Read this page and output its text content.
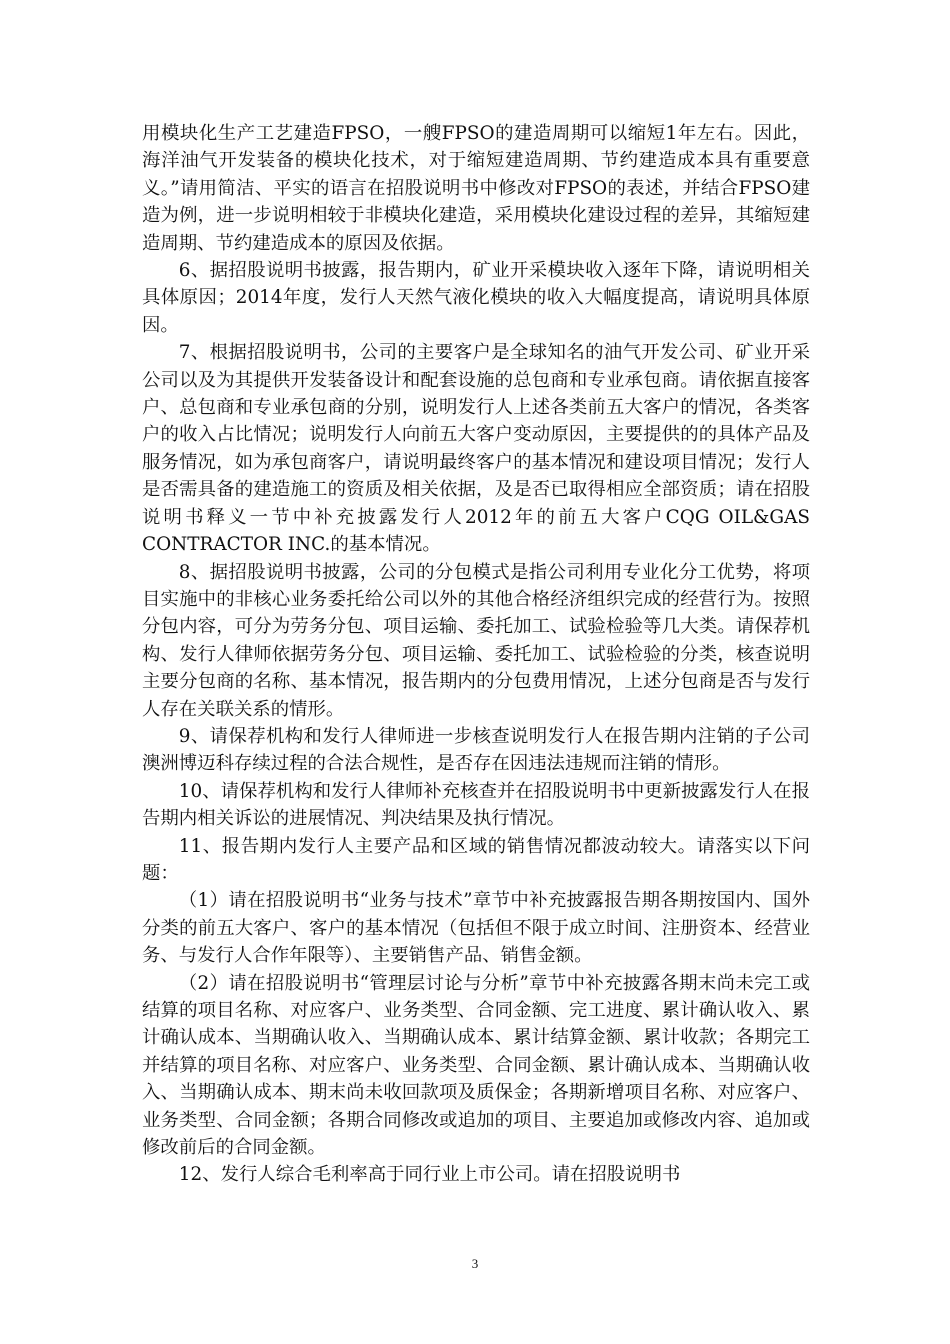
用模块化生产工艺建造FPSO，一艘FPSO的建造周期可以缩短1年左右。因此，海洋油气开发装备的模块化技术，对于缩短建造周期、节约建造成本具有重要意义。”请用简洁、平实的语言在招股说明书中修改对FPSO的表述，并结合FPSO建造为例，进一步说明相较于非模块化建造，采用模块化建设过程的差异，其缩短建造周期、节约建造成本的原因及依据。

6、据招股说明书披露，报告期内，矿业开采模块收入逐年下降，请说明相关具体原因；2014年度，发行人天然气液化模块的收入大幅度提高，请说明具体原因。

7、根据招股说明书，公司的主要客户是全球知名的油气开发公司、矿业开采公司以及为其提供开发装备设计和配套设施的总包商和专业承包商。请依据直接客户、总包商和专业承包商的分别，说明发行人上述各类前五大客户的情况，各类客户的收入占比情况；说明发行人向前五大客户变动原因，主要提供的的具体产品及服务情况，如为承包商客户，请说明最终客户的基本情况和建设项目情况；发行人是否需具备的建造施工的资质及相关依据，及是否已取得相应全部资质；请在招股说明书释义一节中补充披露发行人2012年的前五大客户CQG OIL&GAS CONTRACTOR INC.的基本情况。

8、据招股说明书披露，公司的分包模式是指公司利用专业化分工优势，将项目实施中的非核心业务委托给公司以外的其他合格经济组织完成的经营行为。按照分包内容，可分为劳务分包、项目运输、委托加工、试验检验等几大类。请保荐机构、发行人律师依据劳务分包、项目运输、委托加工、试验检验的分类，核查说明主要分包商的名称、基本情况，报告期内的分包费用情况，上述分包商是否与发行人存在关联关系的情形。

9、请保荐机构和发行人律师进一步核查说明发行人在报告期内注销的子公司澳洲博迈科存续过程的合法合规性，是否存在因违法违规而注销的情形。

10、请保荐机构和发行人律师补充核查并在招股说明书中更新披露发行人在报告期内相关诉讼的进展情况、判决结果及执行情况。

11、报告期内发行人主要产品和区域的销售情况都波动较大。请落实以下问题：

（1）请在招股说明书“业务与技术”章节中补充披露报告期各期按国内、国外分类的前五大客户、客户的基本情况（包括但不限于成立时间、注册资本、经营业务、与发行人合作年限等）、主要销售产品、销售金额。

（2）请在招股说明书“管理层讨论与分析”章节中补充披露各期末尚未完工或结算的项目名称、对应客户、业务类型、合同金额、完工进度、累计确认收入、累计确认成本、当期确认收入、当期确认成本、累计结算金额、累计收款；各期完工并结算的项目名称、对应客户、业务类型、合同金额、累计确认成本、当期确认收入、当期确认成本、期末尚未收回款项及质保金；各期新增项目名称、对应客户、业务类型、合同金额；各期合同修改或追加的项目、主要追加或修改内容、追加或修改前后的合同金额。

12、发行人综合毛利率高于同行业上市公司。请在招股说明书

3
